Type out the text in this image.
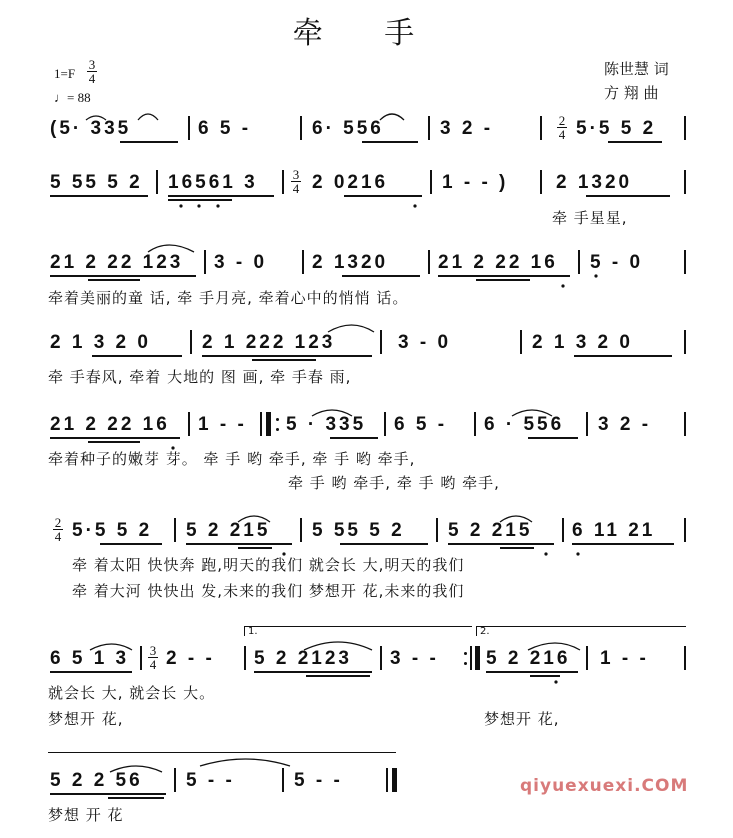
牵 手
陈世慧 词
方 翔 曲
1=F
3
4
♩= 88
(5· 335	6 5 -	6· 556	3 2 -	2
4 5·5 5 2
5 55 5 2 16561 3	3
4 2 0216	1 - - )	2 1320
牵 手星星,
21 2 22 123 3 - 0 2 1320	21 2 22 16 5 - 0
牵着美丽的童 话, 牵 手月亮, 牵着心中的悄悄 话。
2 1 3 2 0	2 1 222 123	3 - 0	2 1 3 2 0
牵 手春风, 牵着 大地的 图 画, 牵 手春 雨,
21 2 22 16 1 - - 5 · 335 6 5 - 6 · 556 3 2 -
牵着种子的嫩芽 芽。 牵 手 哟 牵手, 牵 手 哟 牵手,
牵 手 哟 牵手, 牵 手 哟 牵手,
2
4 5·5 5 2 5 2 215 5 55 5 2 5 2 215 6 11 21
牵 着太阳 快快奔 跑,明天的我们 就会长 大,明天的我们
牵 着大河 快快出 发,未来的我们 梦想开 花,未来的我们
1.	2.
6 5 1 3 3
4 2 - - 5 2 2123 3 - - 5 2 216 1 - -
就会长 大, 就会长 大。
梦想开 花,	梦想开 花,
5 2 2 56 5 - -	5 - -
梦想 开 花
qiyuexuexi.COM
